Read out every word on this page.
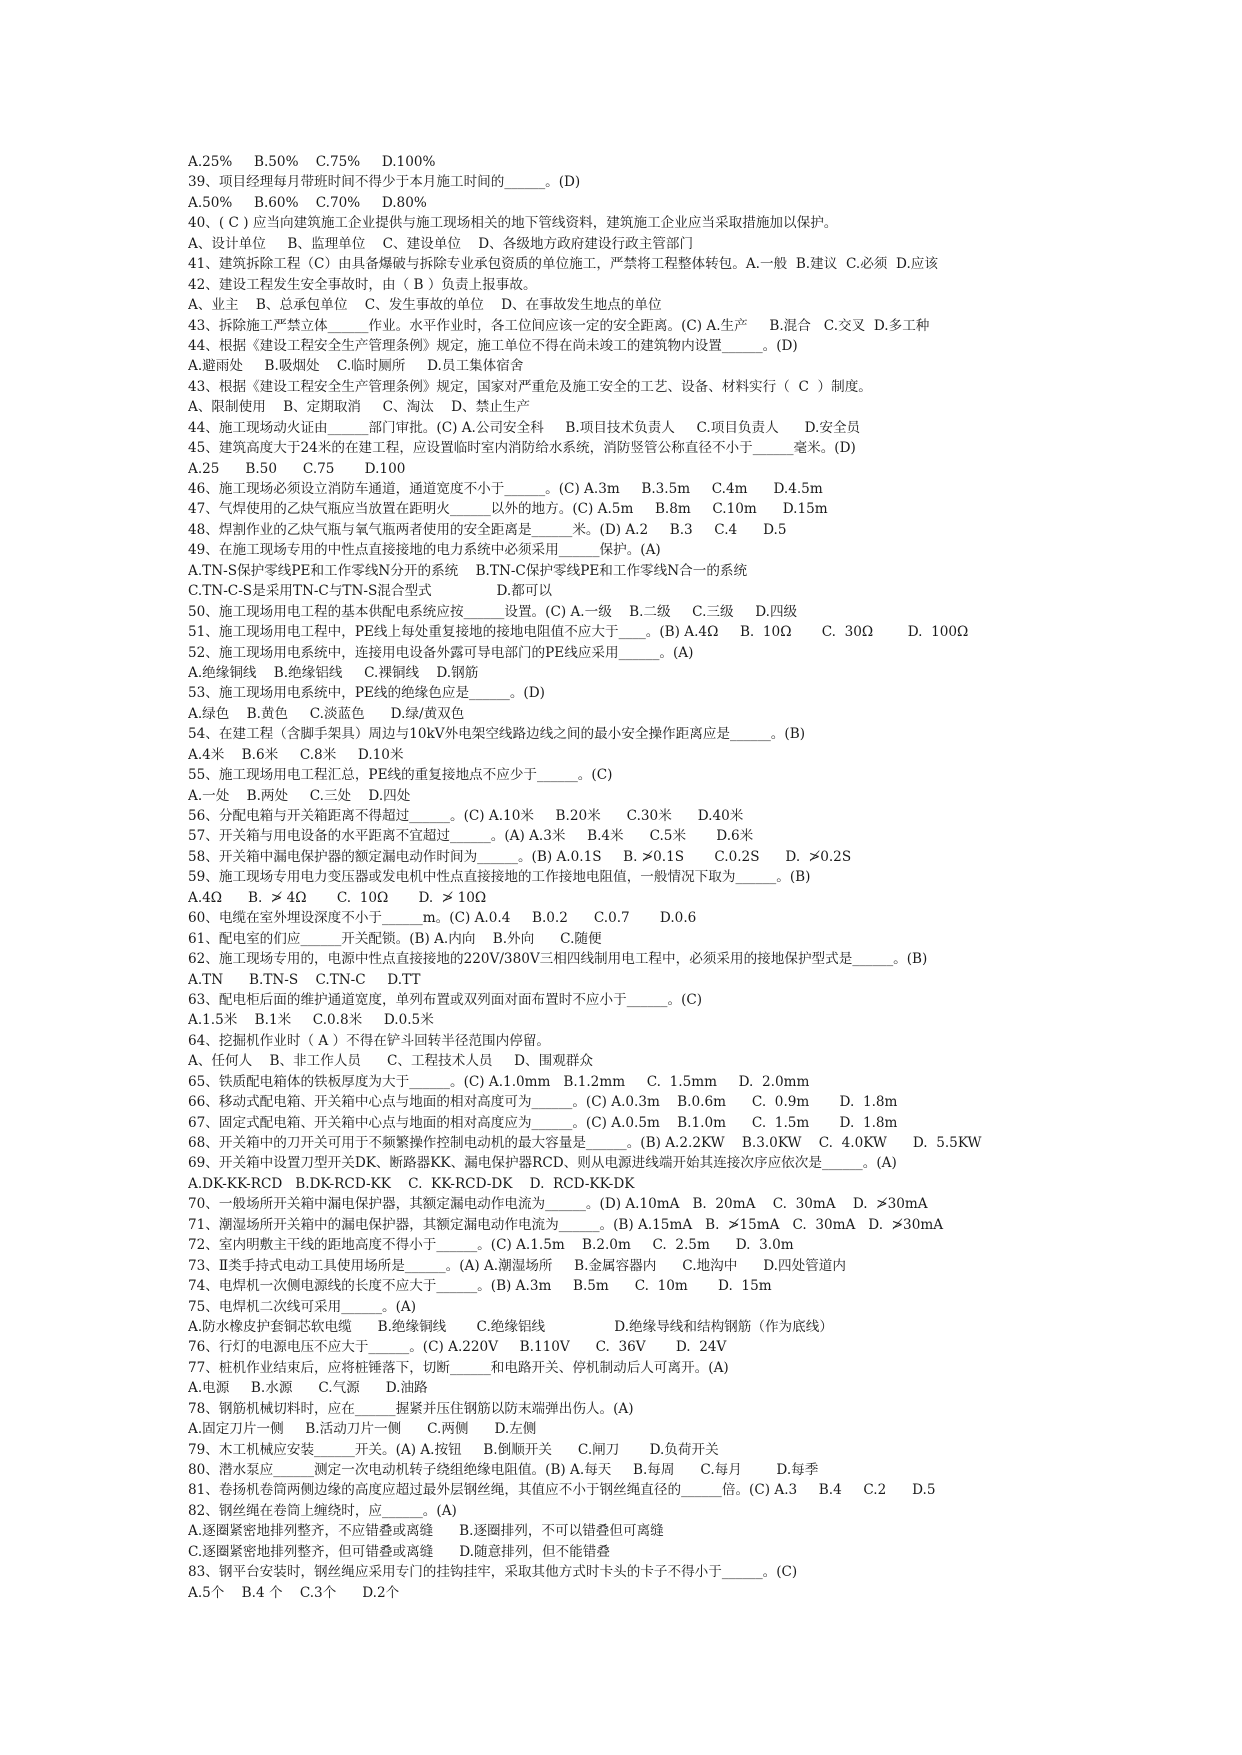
A.25%     B.50%    C.75%     D.100%
39、项目经理每月带班时间不得少于本月施工时间的______。(D)
A.50%     B.60%    C.70%     D.80%
40、( C ) 应当向建筑施工企业提供与施工现场相关的地下管线资料，建筑施工企业应当采取措施加以保护。
A、设计单位     B、监理单位    C、建设单位    D、各级地方政府建设行政主管部门
41、建筑拆除工程（C）由具备爆破与拆除专业承包资质的单位施工，严禁将工程整体转包。A.一般  B.建议  C.必须  D.应该
42、建设工程发生安全事故时，由（ B ）负责上报事故。
A、业主    B、总承包单位    C、发生事故的单位    D、在事故发生地点的单位
43、拆除施工严禁立体______作业。水平作业时，各工位间应该一定的安全距离。(C) A.生产     B.混合   C.交叉  D.多工种
44、根据《建设工程安全生产管理条例》规定，施工单位不得在尚未竣工的建筑物内设置______。(D)
A.避雨处     B.吸烟处    C.临时厕所     D.员工集体宿舍
43、根据《建设工程安全生产管理条例》规定，国家对严重危及施工安全的工艺、设备、材料实行（  C  ）制度。
A、限制使用    B、定期取消     C、淘汰    D、禁止生产
44、施工现场动火证由______部门审批。(C) A.公司安全科     B.项目技术负责人     C.项目负责人      D.安全员
45、建筑高度大于24米的在建工程，应设置临时室内消防给水系统，消防竖管公称直径不小于______毫米。(D)
A.25      B.50      C.75       D.100
46、施工现场必须设立消防车通道，通道宽度不小于______。(C) A.3m     B.3.5m     C.4m      D.4.5m
47、气焊使用的乙炔气瓶应当放置在距明火______以外的地方。(C) A.5m     B.8m     C.10m      D.15m
48、焊割作业的乙炔气瓶与氧气瓶两者使用的安全距离是______米。(D) A.2     B.3     C.4      D.5
49、在施工现场专用的中性点直接接地的电力系统中必须采用______保护。(A)
A.TN-S保护零线PE和工作零线N分开的系统    B.TN-C保护零线PE和工作零线N合一的系统
C.TN-C-S是采用TN-C与TN-S混合型式               D.都可以
50、施工现场用电工程的基本供配电系统应按______设置。(C) A.一级    B.二级     C.三级     D.四级
51、施工现场用电工程中，PE线上每处重复接地的接地电阻值不应大于____。(B) A.4Ω     B.  10Ω       C.  30Ω        D.  100Ω
52、施工现场用电系统中，连接用电设备外露可导电部门的PE线应采用______。(A)
A.绝缘铜线    B.绝缘铝线     C.裸铜线    D.钢筋
53、施工现场用电系统中，PE线的绝缘色应是______。(D)
A.绿色    B.黄色     C.淡蓝色      D.绿/黄双色
54、在建工程（含脚手架具）周边与10kV外电架空线路边线之间的最小安全操作距离应是______。(B)
A.4米    B.6米     C.8米     D.10米
55、施工现场用电工程汇总，PE线的重复接地点不应少于______。(C)
A.一处    B.两处     C.三处    D.四处
56、分配电箱与开关箱距离不得超过______。(C) A.10米     B.20米      C.30米      D.40米
57、开关箱与用电设备的水平距离不宜超过______。(A) A.3米     B.4米      C.5米       D.6米
58、开关箱中漏电保护器的额定漏电动作时间为______。(B) A.0.1S     B. ≯0.1S       C.0.2S      D.  ≯0.2S
59、施工现场专用电力变压器或发电机中性点直接接地的工作接地电阻值，一般情况下取为______。(B)
A.4Ω      B.  ≯ 4Ω       C.  10Ω       D.  ≯ 10Ω
60、电缆在室外埋设深度不小于______m。(C) A.0.4     B.0.2      C.0.7       D.0.6
61、配电室的们应______开关配锁。(B) A.内向    B.外向      C.随便
62、施工现场专用的，电源中性点直接接地的220V/380V三相四线制用电工程中，必须采用的接地保护型式是______。(B)
A.TN      B.TN-S    C.TN-C     D.TT
63、配电柜后面的维护通道宽度，单列布置或双列面对面布置时不应小于______。(C)
A.1.5米    B.1米     C.0.8米     D.0.5米
64、挖掘机作业时（ A ）不得在铲斗回转半径范围内停留。
A、任何人    B、非工作人员      C、工程技术人员     D、围观群众
65、铁质配电箱体的铁板厚度为大于______。(C) A.1.0mm   B.1.2mm     C.  1.5mm     D.  2.0mm
66、移动式配电箱、开关箱中心点与地面的相对高度可为______。(C) A.0.3m    B.0.6m      C.  0.9m       D.  1.8m
67、固定式配电箱、开关箱中心点与地面的相对高度应为______。(C) A.0.5m    B.1.0m      C.  1.5m       D.  1.8m
68、开关箱中的刀开关可用于不频繁操作控制电动机的最大容量是______。(B) A.2.2KW    B.3.0KW    C.  4.0KW      D.  5.5KW
69、开关箱中设置刀型开关DK、断路器KK、漏电保护器RCD、则从电源进线端开始其连接次序应依次是______。(A)
A.DK-KK-RCD   B.DK-RCD-KK    C.  KK-RCD-DK    D.  RCD-KK-DK
70、一般场所开关箱中漏电保护器，其额定漏电动作电流为______。(D) A.10mA   B.  20mA    C.  30mA    D.  ≯30mA
71、潮湿场所开关箱中的漏电保护器，其额定漏电动作电流为______。(B) A.15mA   B.  ≯15mA   C.  30mA   D.  ≯30mA
72、室内明敷主干线的距地高度不得小于______。(C) A.1.5m    B.2.0m     C.  2.5m      D.  3.0m
73、Ⅱ类手持式电动工具使用场所是______。(A) A.潮湿场所     B.金属容器内      C.地沟中      D.四处管道内
74、电焊机一次侧电源线的长度不应大于______。(B) A.3m     B.5m      C.  10m       D.  15m
75、电焊机二次线可采用______。(A)
A.防水橡皮护套铜芯软电缆      B.绝缘铜线       C.绝缘铝线                D.绝缘导线和结构钢筋（作为底线）
76、行灯的电源电压不应大于______。(C) A.220V     B.110V      C.  36V       D.  24V
77、桩机作业结束后，应将桩锤落下，切断______和电路开关、停机制动后人可离开。(A)
A.电源     B.水源      C.气源      D.油路
78、钢筋机械切料时，应在______握紧并压住钢筋以防末端弹出伤人。(A)
A.固定刀片一侧     B.活动刀片一侧      C.两侧      D.左侧
79、木工机械应安装______开关。(A) A.按钮     B.倒顺开关      C.闸刀       D.负荷开关
80、潜水泵应______测定一次电动机转子绕组绝缘电阻值。(B) A.每天     B.每周      C.每月        D.每季
81、卷扬机卷筒两侧边缘的高度应超过最外层钢丝绳，其值应不小于钢丝绳直径的______倍。(C) A.3     B.4     C.2      D.5
82、钢丝绳在卷筒上缠绕时，应______。(A)
A.逐圈紧密地排列整齐，不应错叠或离缝      B.逐圈排列，不可以错叠但可离缝
C.逐圈紧密地排列整齐，但可错叠或离缝      D.随意排列，但不能错叠
83、钢平台安装时，钢丝绳应采用专门的挂钩挂牢，采取其他方式时卡头的卡子不得小于______。(C)
A.5个    B.4 个    C.3个      D.2个
